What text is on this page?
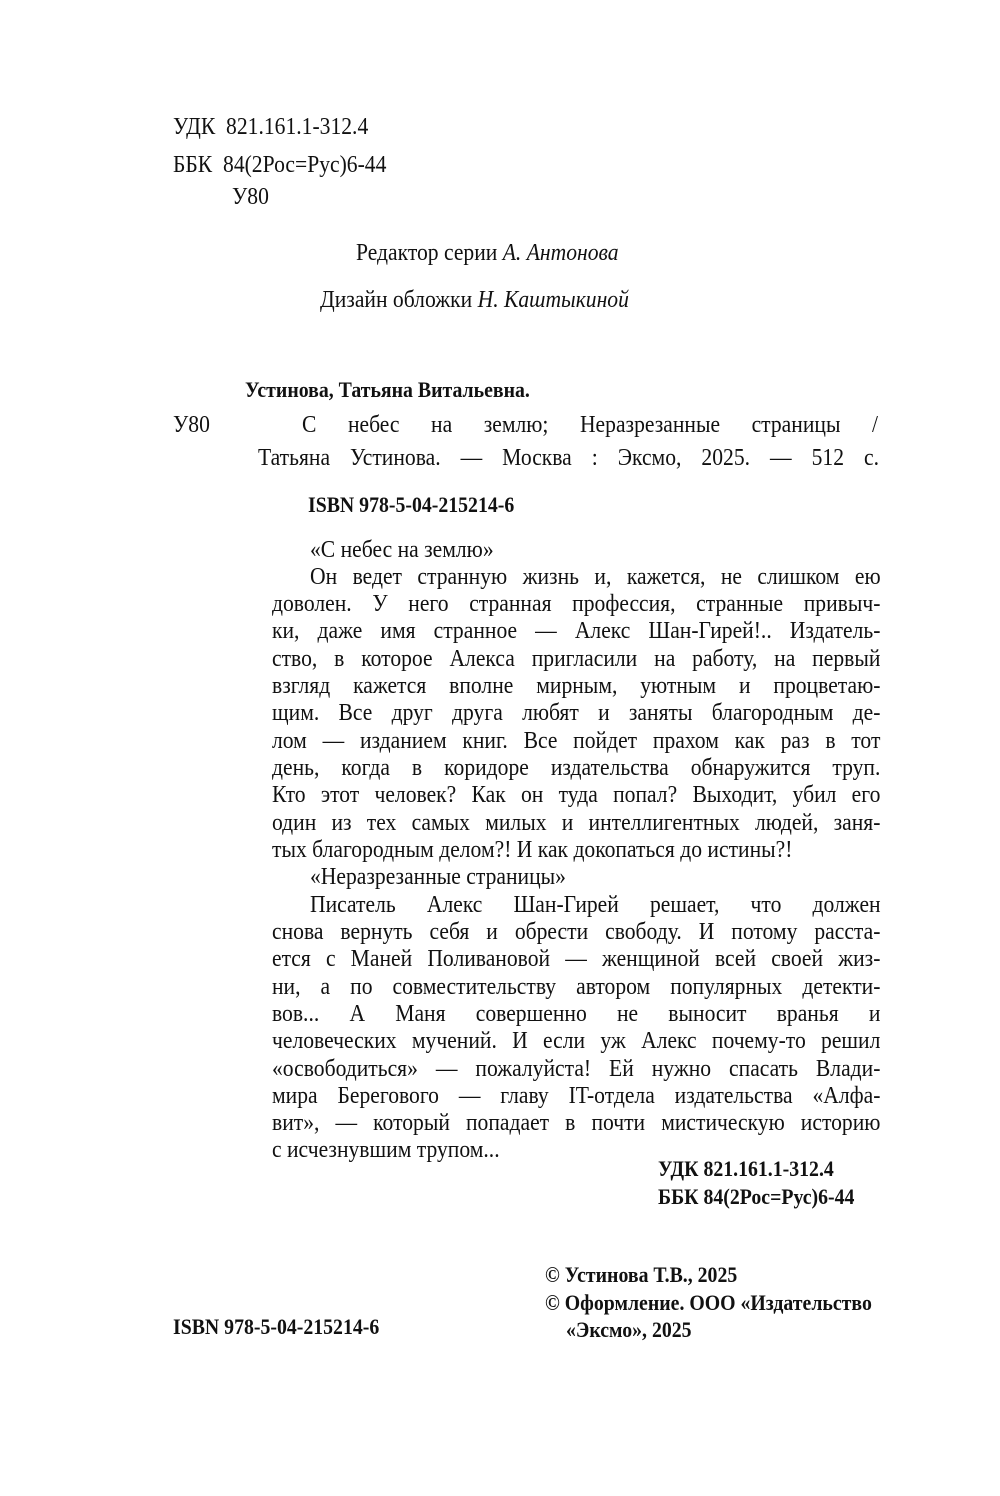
УДК  821.161.1-312.4
ББК  84(2Рос=Рус)6-44
У80
Редактор серии А. Антонова
Дизайн обложки Н. Каштыкиной
Устинова, Татьяна Витальевна.
У80	С небес на землю; Неразрезанные страницы /
Татьяна Устинова. — Москва : Эксмо, 2025. — 512 с.
ISBN 978-5-04-215214-6
«С небес на землю»
Он ведет странную жизнь и, кажется, не слишком ею
доволен. У него странная профессия, странные привыч-
ки, даже имя странное — Алекс Шан-Гирей!.. Издатель-
ство, в которое Алекса пригласили на работу, на первый
взгляд кажется вполне мирным, уютным и процветаю-
щим. Все друг друга любят и заняты благородным де-
лом — изданием книг. Все пойдет прахом как раз в тот
день, когда в коридоре издательства обнаружится труп.
Кто этот человек? Как он туда попал? Выходит, убил его
один из тех самых милых и интеллигентных людей, заня-
тых благородным делом?! И как докопаться до истины?!
«Неразрезанные страницы»
Писатель Алекс Шан-Гирей решает, что должен
снова вернуть себя и обрести свободу. И потому расста-
ется с Маней Поливановой — женщиной всей своей жиз-
ни, а по совместительству автором популярных детекти-
вов... А Маня совершенно не выносит вранья и
человеческих мучений. И если уж Алекс почему-то решил
«освободиться» — пожалуйста! Ей нужно спасать Влади-
мира Берегового — главу IT-отдела издательства «Алфа-
вит», — который попадает в почти мистическую историю
с исчезнувшим трупом...
УДК 821.161.1-312.4
ББК 84(2Рос=Рус)6-44
© Устинова Т.В., 2025
© Оформление. ООО «Издательство
«Эксмо», 2025
ISBN 978-5-04-215214-6
